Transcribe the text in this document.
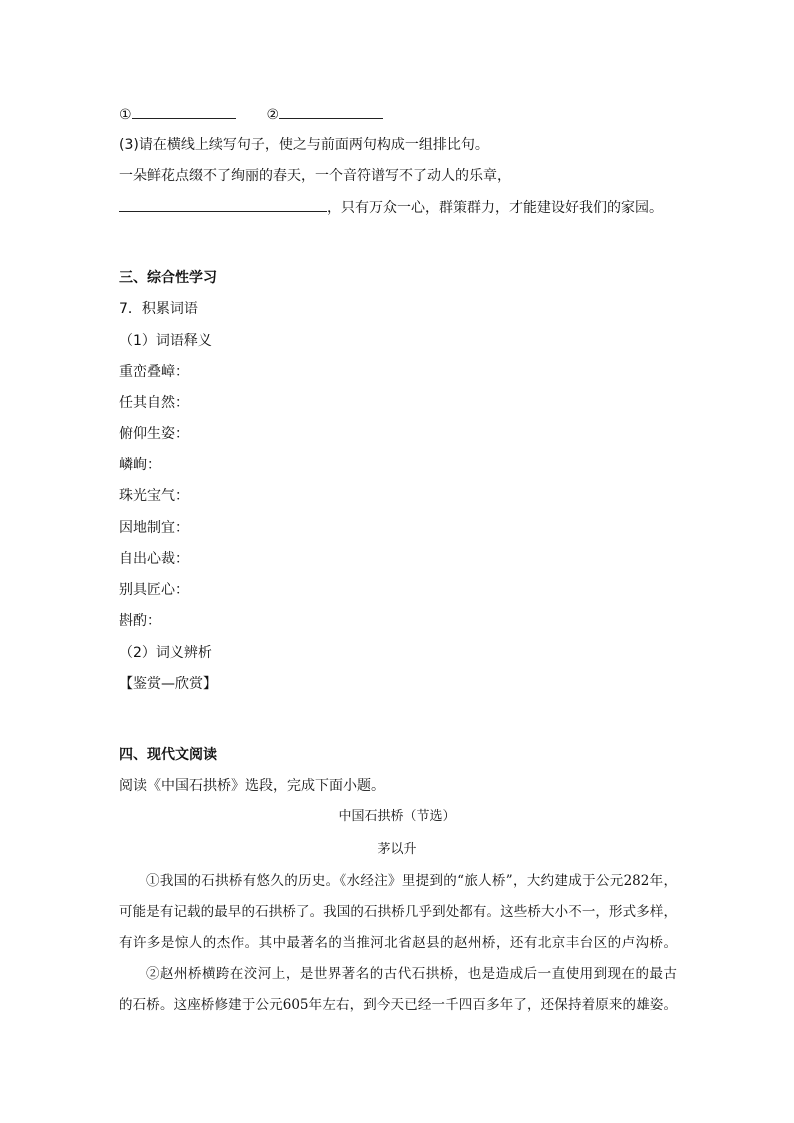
①	②
(3)请在横线上续写句子，使之与前面两句构成一组排比句。
一朵鲜花点缀不了绚丽的春天，一个音符谱写不了动人的乐章，
，只有万众一心，群策群力，才能建设好我们的家园。
三、综合性学习
7．积累词语
（1）词语释义
重峦叠嶂：
任其自然：
俯仰生姿：
嶙峋：
珠光宝气：
因地制宜：
自出心裁：
别具匠心：
斟酌：
（2）词义辨析
【鉴赏—欣赏】
四、现代文阅读
阅读《中国石拱桥》选段，完成下面小题。
中国石拱桥（节选）
茅以升
①我国的石拱桥有悠久的历史。《水经注》里提到的“旅人桥”，大约建成于公元282年，
可能是有记载的最早的石拱桥了。我国的石拱桥几乎到处都有。这些桥大小不一，形式多样，
有许多是惊人的杰作。其中最著名的当推河北省赵县的赵州桥，还有北京丰台区的卢沟桥。
②赵州桥横跨在洨河上，是世界著名的古代石拱桥，也是造成后一直使用到现在的最古
的石桥。这座桥修建于公元605年左右，到今天已经一千四百多年了，还保持着原来的雄姿。
